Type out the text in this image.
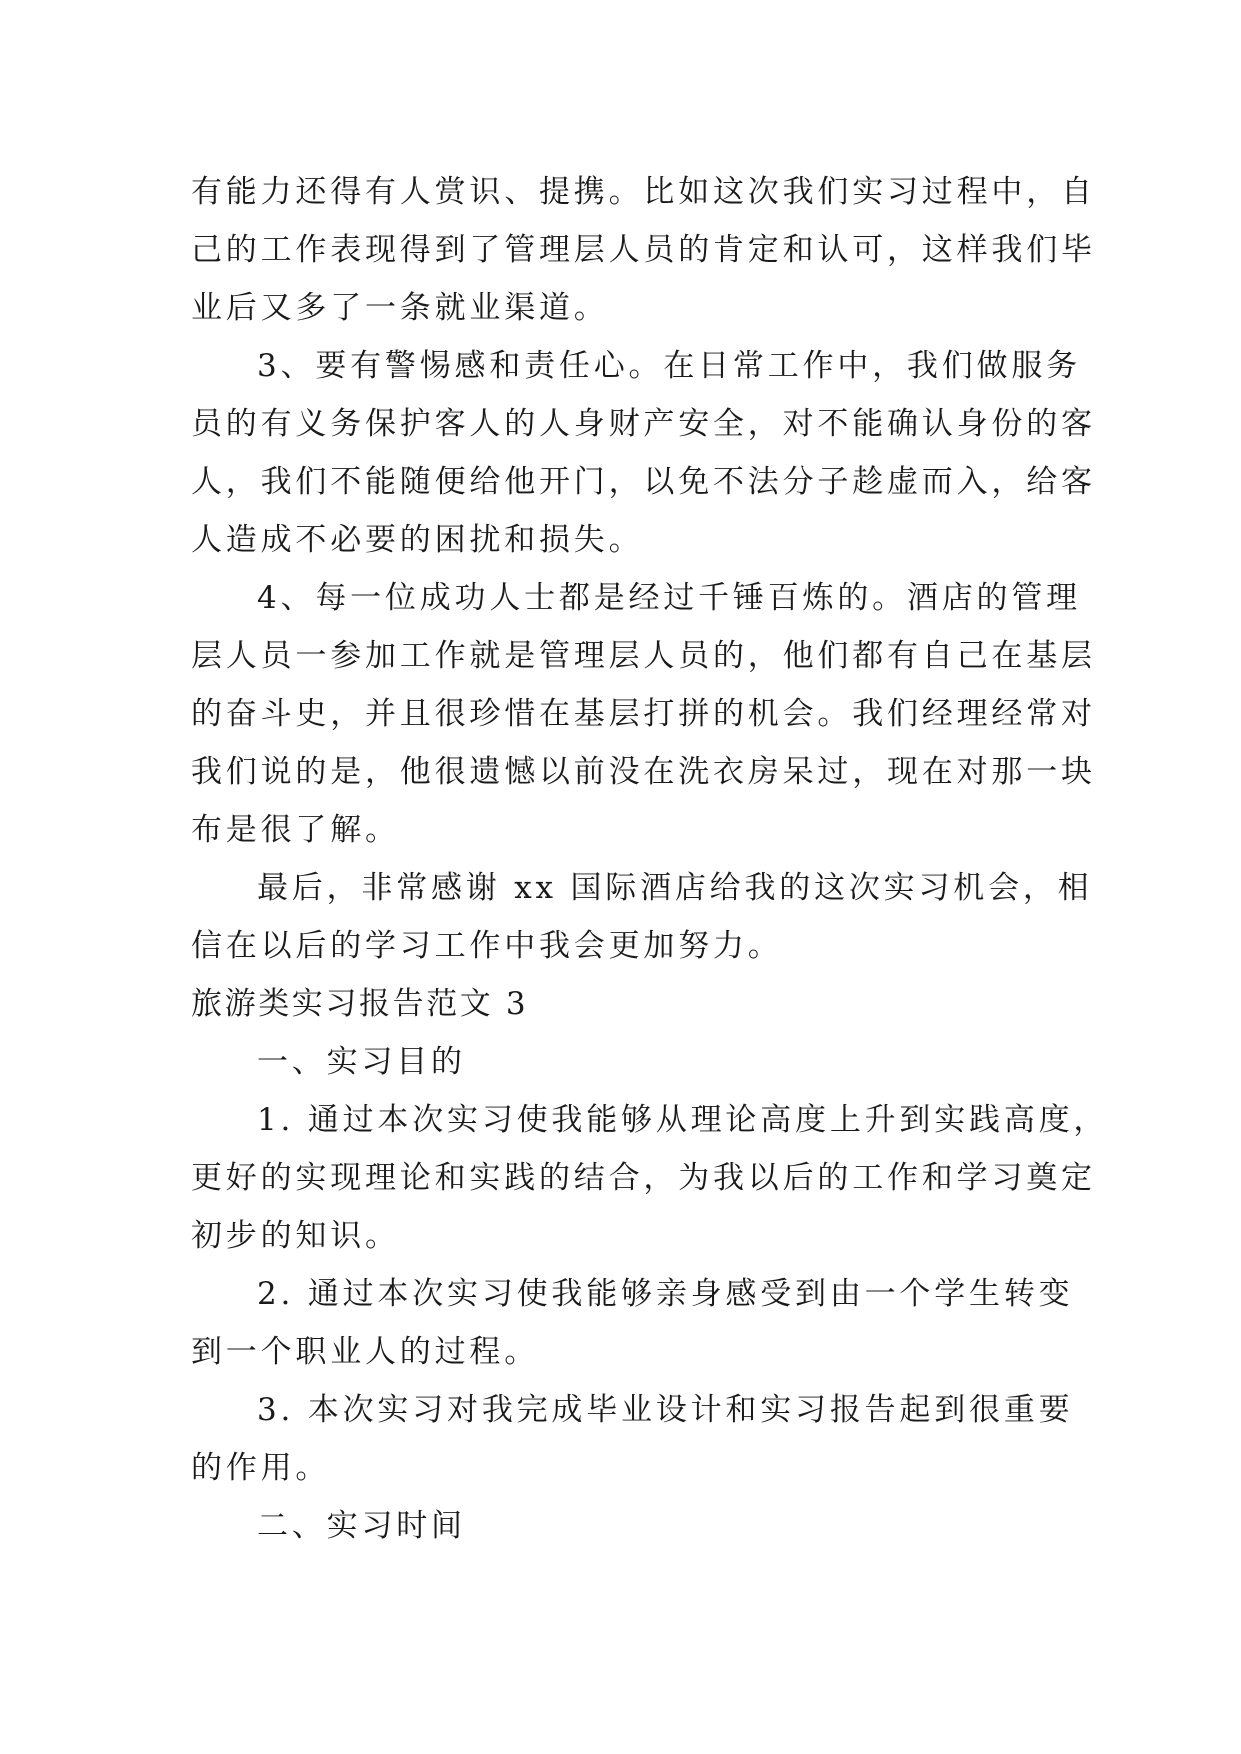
有能力还得有人赏识、提携。比如这次我们实习过程中，自
己的工作表现得到了管理层人员的肯定和认可，这样我们毕
业后又多了一条就业渠道。
3、要有警惕感和责任心。在日常工作中，我们做服务
员的有义务保护客人的人身财产安全，对不能确认身份的客
人，我们不能随便给他开门，以免不法分子趁虚而入，给客
人造成不必要的困扰和损失。
4、每一位成功人士都是经过千锤百炼的。酒店的管理
层人员一参加工作就是管理层人员的，他们都有自己在基层
的奋斗史，并且很珍惜在基层打拼的机会。我们经理经常对
我们说的是，他很遗憾以前没在洗衣房呆过，现在对那一块
布是很了解。
最后，非常感谢 xx 国际酒店给我的这次实习机会，相
信在以后的学习工作中我会更加努力。
旅游类实习报告范文 3
一、实习目的
1. 通过本次实习使我能够从理论高度上升到实践高度，
更好的实现理论和实践的结合，为我以后的工作和学习奠定
初步的知识。
2. 通过本次实习使我能够亲身感受到由一个学生转变
到一个职业人的过程。
3. 本次实习对我完成毕业设计和实习报告起到很重要
的作用。
二、实习时间
